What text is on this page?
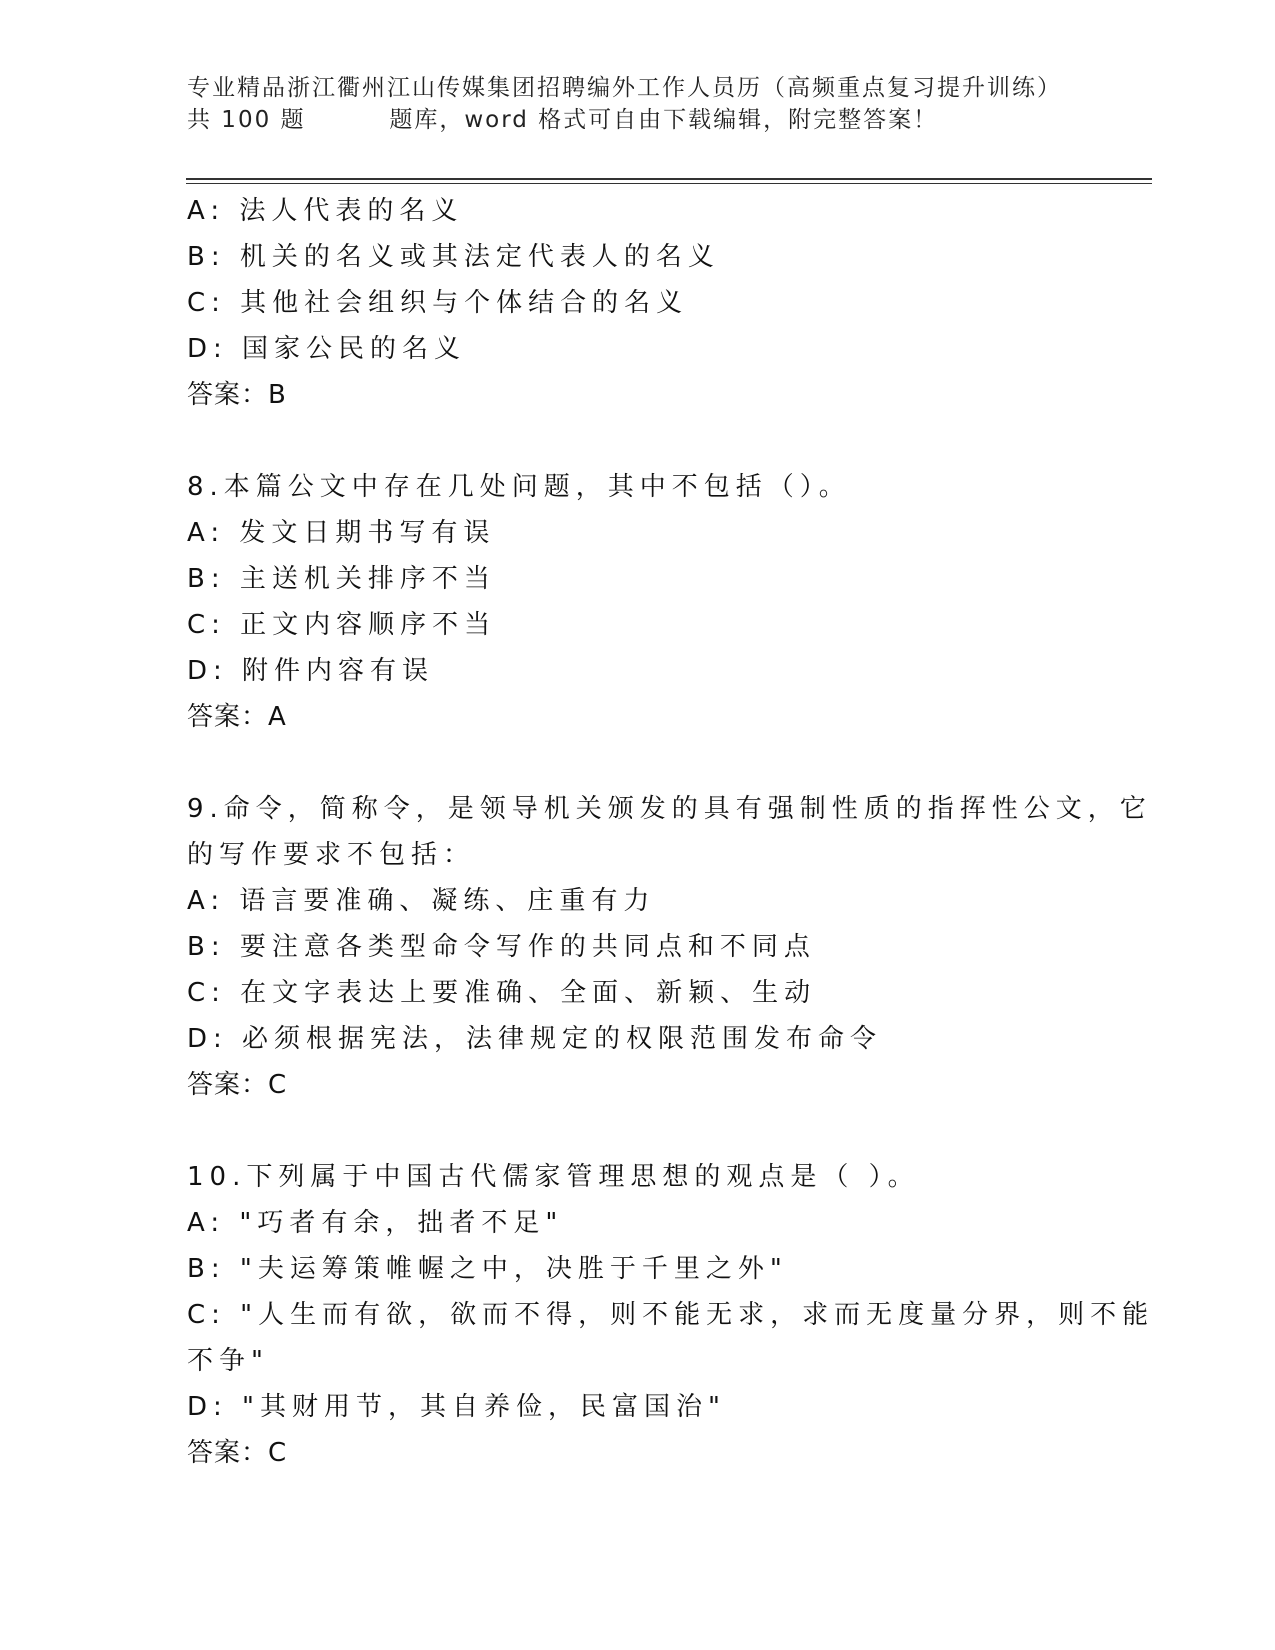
专业精品浙江衢州江山传媒集团招聘编外工作人员历（高频重点复习提升训练）
共 100 题         题库，word 格式可自由下载编辑，附完整答案！
A: 法人代表的名义
B: 机关的名义或其法定代表人的名义
C: 其他社会组织与个体结合的名义
D: 国家公民的名义
答案：B
8.本篇公文中存在几处问题，其中不包括（）。
A: 发文日期书写有误
B: 主送机关排序不当
C: 正文内容顺序不当
D: 附件内容有误
答案：A
9.命令，简称令，是领导机关颁发的具有强制性质的指挥性公文，它
的写作要求不包括：
A: 语言要准确、凝练、庄重有力
B: 要注意各类型命令写作的共同点和不同点
C: 在文字表达上要准确、全面、新颖、生动
D: 必须根据宪法，法律规定的权限范围发布命令
答案：C
10.下列属于中国古代儒家管理思想的观点是（ ）。
A: "巧者有余，拙者不足"
B: "夫运筹策帷幄之中，决胜于千里之外"
C: "人生而有欲，欲而不得，则不能无求，求而无度量分界，则不能
不争"
D: "其财用节，其自养俭，民富国治"
答案：C
